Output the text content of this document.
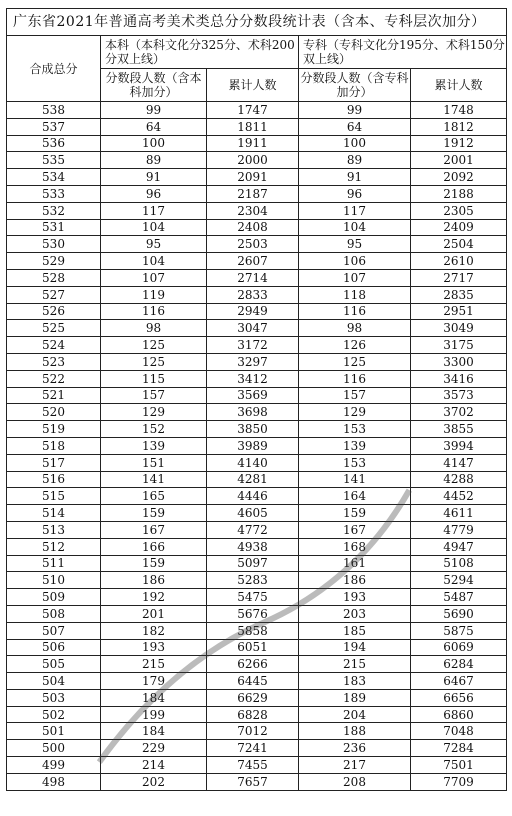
广东省2021年普通高考美术类总分分数段统计表（含本、专科层次加分）				
合成总分	本科（本科文化分325分、术科200分双上线）		专科（专科文化分195分、术科150分双上线）	
	分数段人数（含本科加分）	累计人数	分数段人数（含专科加分）	累计人数
538	99	1747	99	1748
537	64	1811	64	1812
536	100	1911	100	1912
535	89	2000	89	2001
534	91	2091	91	2092
533	96	2187	96	2188
532	117	2304	117	2305
531	104	2408	104	2409
530	95	2503	95	2504
529	104	2607	106	2610
528	107	2714	107	2717
527	119	2833	118	2835
526	116	2949	116	2951
525	98	3047	98	3049
524	125	3172	126	3175
523	125	3297	125	3300
522	115	3412	116	3416
521	157	3569	157	3573
520	129	3698	129	3702
519	152	3850	153	3855
518	139	3989	139	3994
517	151	4140	153	4147
516	141	4281	141	4288
515	165	4446	164	4452
514	159	4605	159	4611
513	167	4772	167	4779
512	166	4938	168	4947
511	159	5097	161	5108
510	186	5283	186	5294
509	192	5475	193	5487
508	201	5676	203	5690
507	182	5858	185	5875
506	193	6051	194	6069
505	215	6266	215	6284
504	179	6445	183	6467
503	184	6629	189	6656
502	199	6828	204	6860
501	184	7012	188	7048
500	229	7241	236	7284
499	214	7455	217	7501
498	202	7657	208	7709
